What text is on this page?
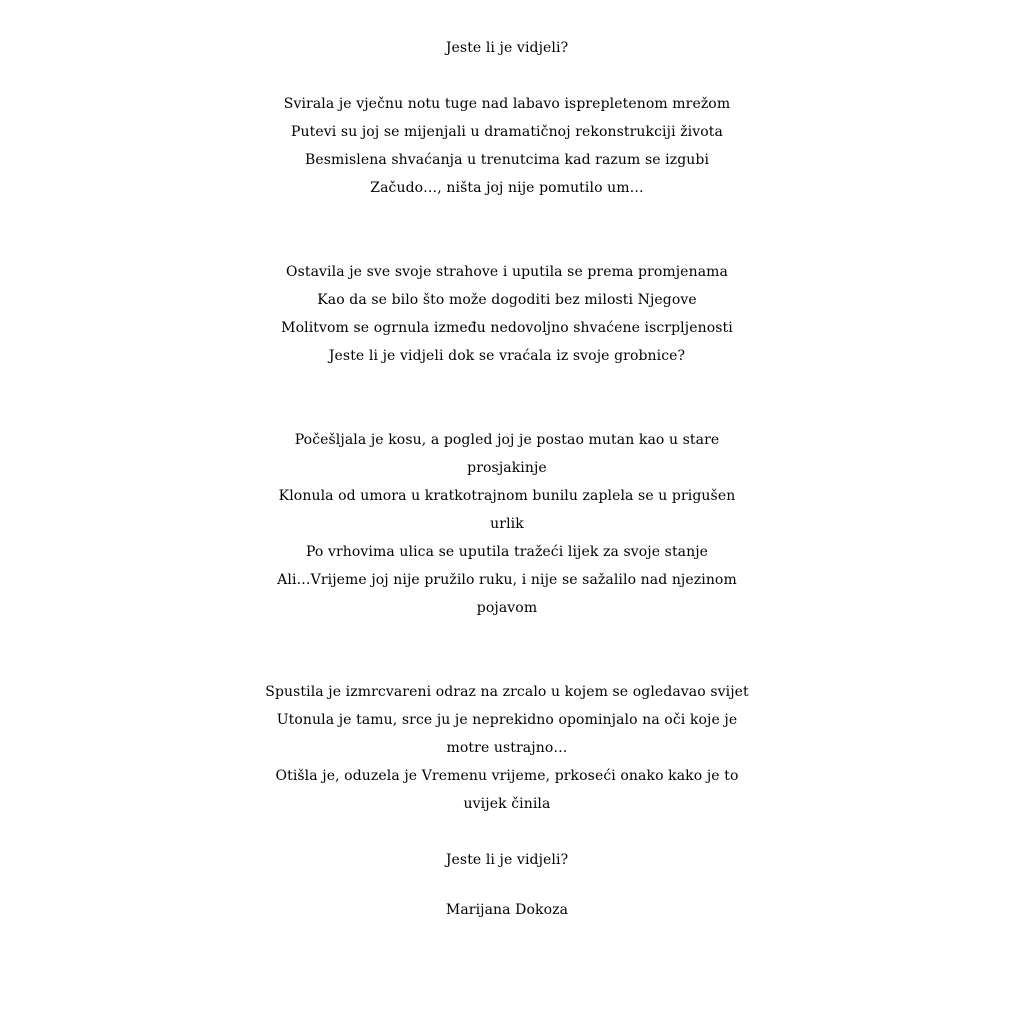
Jeste li je vidjeli?
Svirala je vječnu notu tuge nad labavo isprepletenom mrežom
Putevi su joj se mijenjali u dramatičnoj rekonstrukciji života
Besmislena shvaćanja u trenutcima kad razum se izgubi
Začudo…, ništa joj nije pomutilo um…
Ostavila je sve svoje strahove i uputila se prema promjenama
Kao da se bilo što može dogoditi bez milosti Njegove
Molitvom se ogrnula između nedovoljno shvaćene iscrpljenosti
Jeste li je vidjeli dok se vraćala iz svoje grobnice?
Počešljala je kosu, a pogled joj je postao mutan kao u stare
prosjakinje
Klonula od umora u kratkotrajnom bunilu zaplela se u prigušen
urlik
Po vrhovima ulica se uputila tražeći lijek za svoje stanje
Ali…Vrijeme joj nije pružilo ruku, i nije se sažalilo nad njezinom
pojavom
Spustila je izmrcvareni odraz na zrcalo u kojem se ogledavao svijet
Utonula je tamu, srce ju je neprekidno opominjalo na oči koje je
motre ustrajno…
Otišla je, oduzela je Vremenu vrijeme, prkoseći onako kako je to
uvijek činila
Jeste li je vidjeli?
Marijana Dokoza
